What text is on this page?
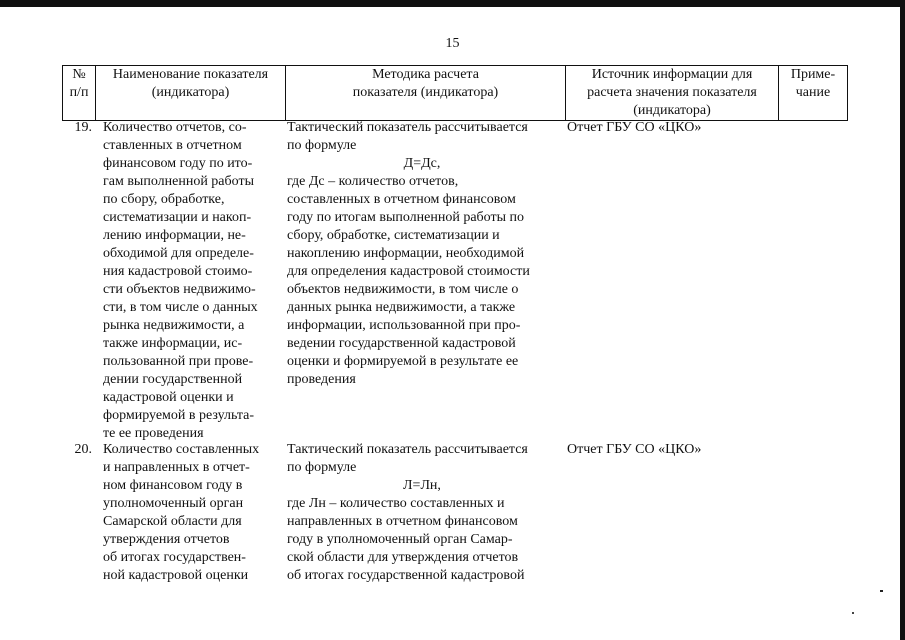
15
№
п/п
Наименование показателя
(индикатора)
Методика расчета
показателя (индикатора)
Источник информации для
расчета значения показателя
(индикатора)
Приме-
чание
19. Количество отчетов, со-
ставленных в отчетном
финансовом году по ито-
гам выполненной работы
по сбору, обработке,
систематизации и накоп-
лению информации, не-
обходимой для определе-
ния кадастровой стоимо-
сти объектов недвижимо-
сти, в том числе о данных
рынка недвижимости, а
также информации, ис-
пользованной при прове-
дении государственной
кадастровой оценки и
формируемой в результа-
те ее проведения
Тактический показатель рассчитывается
по формуле
Д=Дс,
где Дс – количество отчетов,
составленных в отчетном финансовом
году по итогам выполненной работы по
сбору, обработке, систематизации и
накоплению информации, необходимой
для определения кадастровой стоимости
объектов недвижимости, в том числе о
данных рынка недвижимости, а также
информации, использованной при про-
ведении государственной кадастровой
оценки и формируемой в результате ее
проведения
Отчет ГБУ СО «ЦКО»
20. Количество составленных
и направленных в отчет-
ном финансовом году в
уполномоченный орган
Самарской области для
утверждения отчетов
об итогах государствен-
ной кадастровой оценки
Тактический показатель рассчитывается
по формуле
Л=Лн,
где Лн – количество составленных и
направленных в отчетном финансовом
году в уполномоченный орган Самар-
ской области для утверждения отчетов
об итогах государственной кадастровой
Отчет ГБУ СО «ЦКО»
